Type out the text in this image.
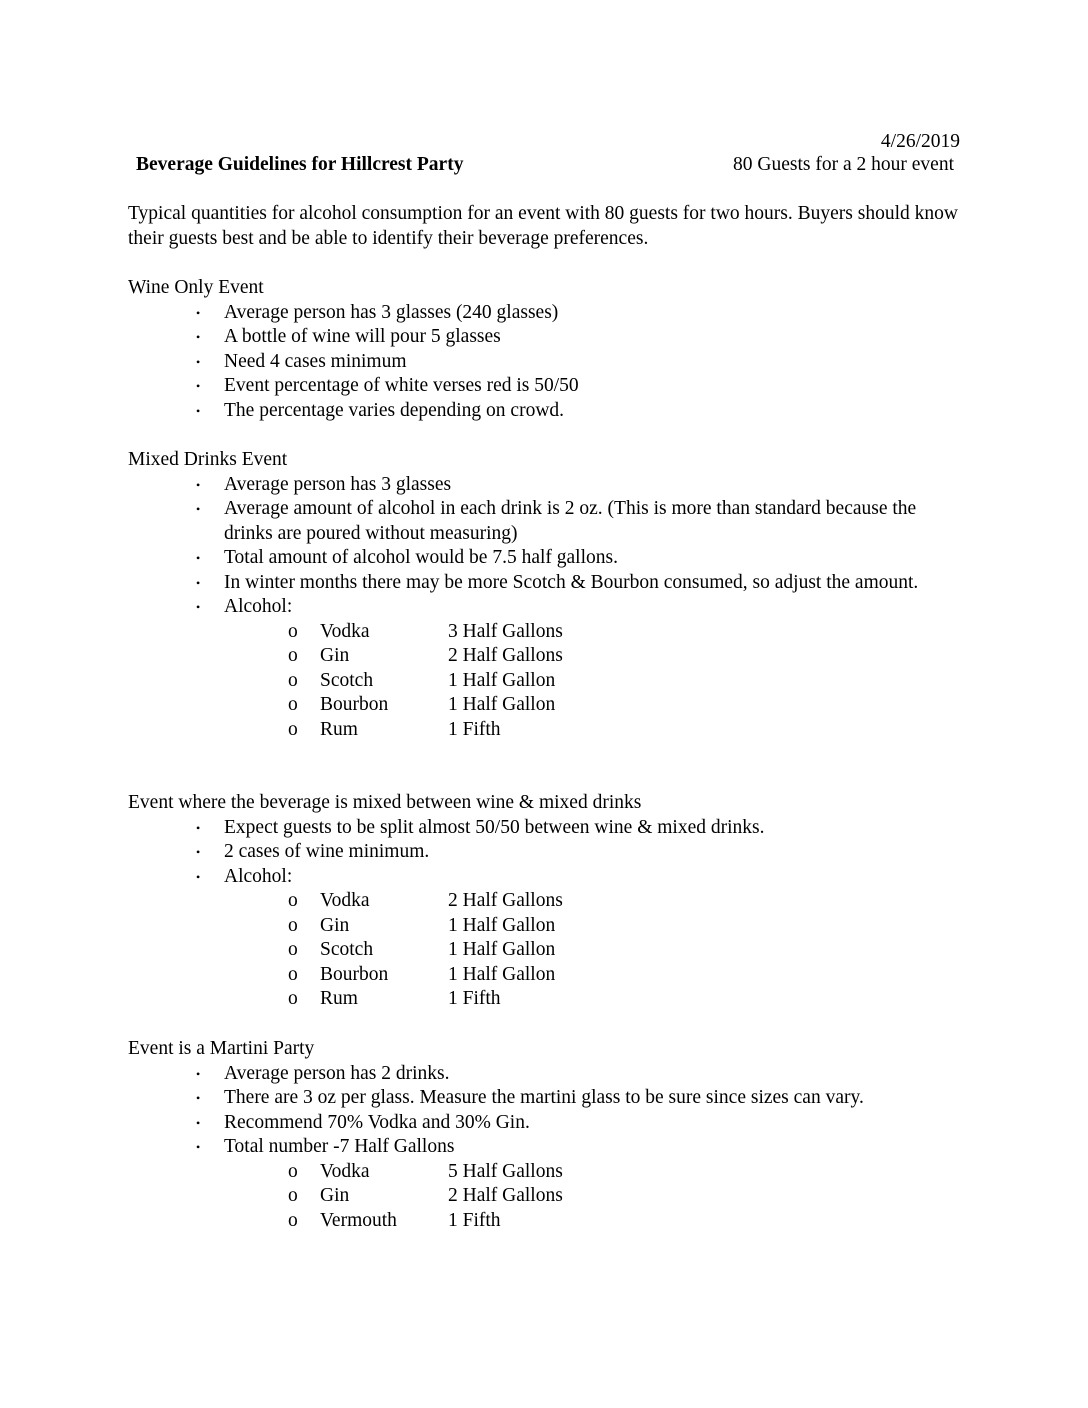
4/26/2019
Beverage Guidelines for Hillcrest Party	80 Guests for a 2 hour event
Typical quantities for alcohol consumption for an event with 80 guests for two hours. Buyers should know their guests best and be able to identify their beverage preferences.
Wine Only Event
• Average person has 3 glasses (240 glasses)
• A bottle of wine will pour 5 glasses
• Need 4 cases minimum
• Event percentage of white verses red is 50/50
• The percentage varies depending on crowd.
Mixed Drinks Event
• Average person has 3 glasses
• Average amount of alcohol in each drink is 2 oz. (This is more than standard because the drinks are poured without measuring)
• Total amount of alcohol would be 7.5 half gallons.
• In winter months there may be more Scotch & Bourbon consumed, so adjust the amount.
• Alcohol:
o	Vodka	3 Half Gallons
o	Gin	2 Half Gallons
o	Scotch	1 Half Gallon
o	Bourbon	1 Half Gallon
o	Rum	1 Fifth
Event where the beverage is mixed between wine & mixed drinks
• Expect guests to be split almost 50/50 between wine & mixed drinks.
• 2 cases of wine minimum.
• Alcohol:
o	Vodka	2 Half Gallons
o	Gin	1 Half Gallon
o	Scotch	1 Half Gallon
o	Bourbon	1 Half Gallon
o	Rum	1 Fifth
Event is a Martini Party
• Average person has 2 drinks.
• There are 3 oz per glass. Measure the martini glass to be sure since sizes can vary.
• Recommend 70% Vodka and 30% Gin.
• Total number -7 Half Gallons
o	Vodka	5 Half Gallons
o	Gin	2 Half Gallons
o	Vermouth	1 Fifth
